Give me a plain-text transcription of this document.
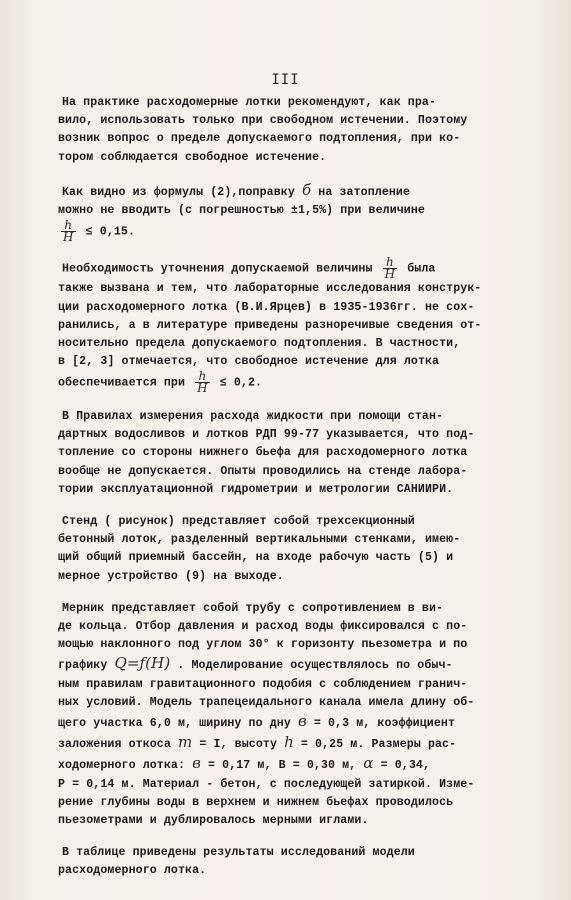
III
На практике расходомерные лотки рекомендуют, как пра-
вило, использовать только при свободном истечении. Поэтому
возник вопрос о пределе допускаемого подтопления, при ко-
тором соблюдается свободное истечение.
Как видно из формулы (2),поправку б на затопление
можно не вводить (с погрешностью ±1,5%) при величине
$\frac{h}{H} \le 0,15$.
Необходимость уточнения допускаемой величины $\frac{h}{H}$ была
также вызвана и тем, что лабораторные исследования конструк-
ции расходомерного лотка (В.И.Ярцев) в 1935-1936гг. не сох-
ранились, а в литературе приведены разноречивые сведения от-
носительно предела допускаемого подтопления. В частности,
в [2, 3] отмечается, что свободное истечение для лотка
обеспечивается при $\frac{h}{H} \le 0,2$.
В Правилах измерения расхода жидкости при помощи стан-
дартных водосливов и лотков РДП 99-77 указывается, что под-
топление со стороны нижнего бьефа для расходомерного лотка
вообще не допускается. Опыты проводились на стенде лабора-
тории эксплуатационной гидрометрии и метрологии САНИИРИ.
Стенд ( рисунок) представляет собой трехсекционный
бетонный лоток, разделенный вертикальными стенками, имею-
щий общий приемный бассейн, на входе рабочую часть (5) и
мерное устройство (9) на выходе.
Мерник представляет собой трубу с сопротивлением в ви-
де кольца. Отбор давления и расход воды фиксировался с по-
мощью наклонного под углом 30° к горизонту пьезометра и по
графику Q=ƒ(H) . Моделирование осуществлялось по обыч-
ным правилам гравитационного подобия с соблюдением гранич-
ных условий. Модель трапецеидального канала имела длину об-
щего участка 6,0 м, ширину по дну в = 0,3 м, коэффициент
заложения откоса m = I, высоту h = 0,25 м. Размеры рас-
ходомерного лотка: в = 0,17 м, В = 0,30 м, α = 0,34,
Р = 0,14 м. Материал - бетон, с последующей затиркой. Изме-
рение глубины воды в верхнем и нижнем бьефах проводилось
пьезометрами и дублировалось мерными иглами.
В таблице приведены результаты исследований модели
расходомерного лотка.
